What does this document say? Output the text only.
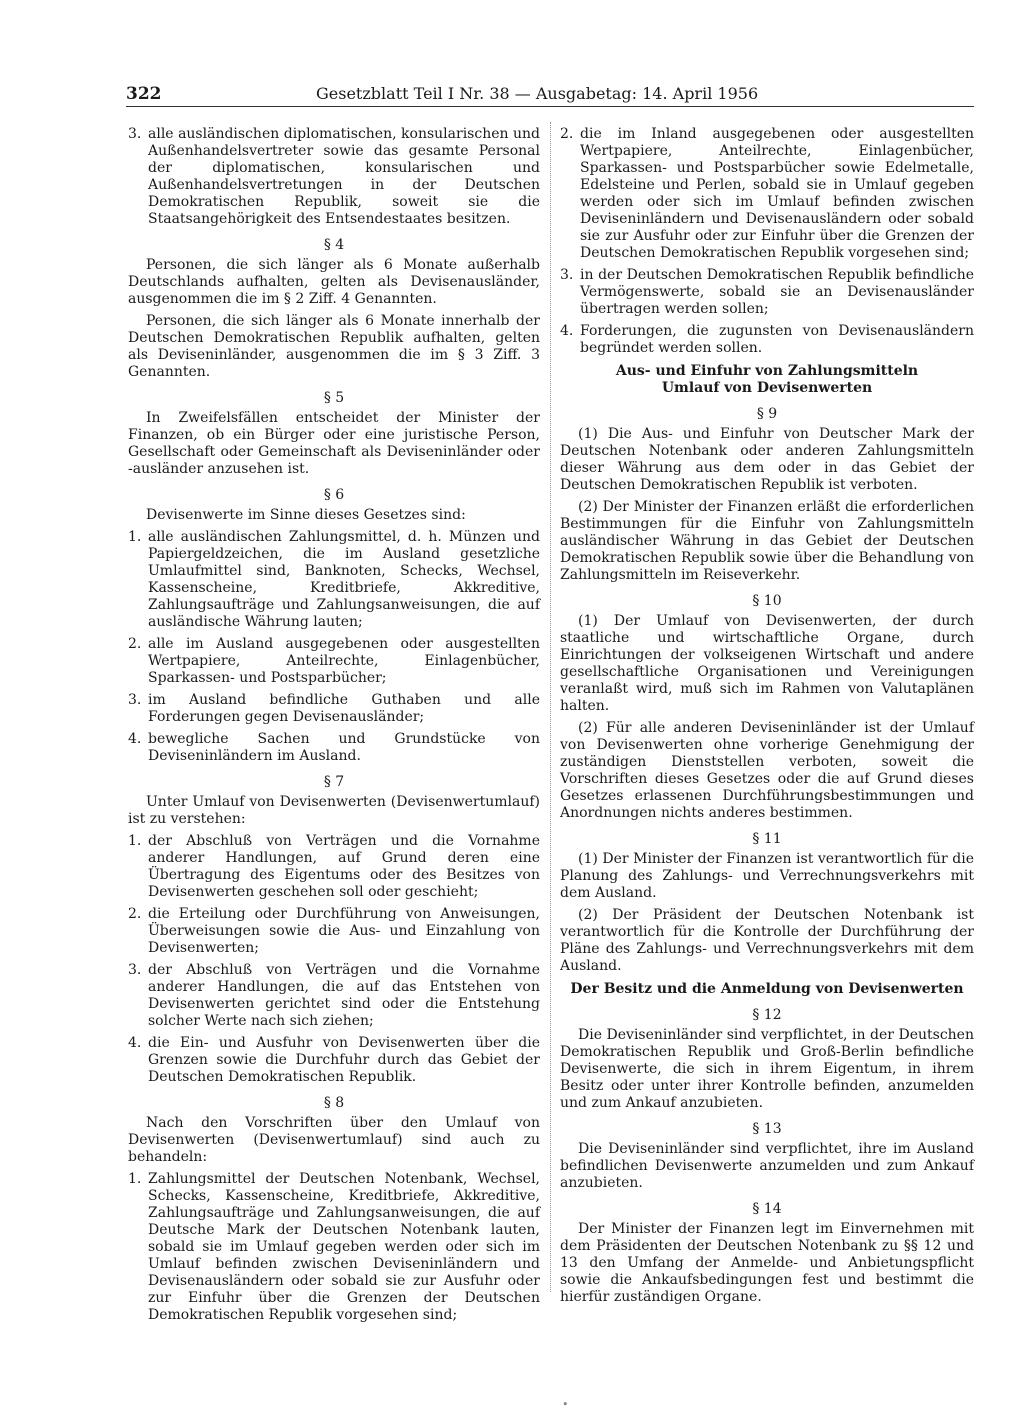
322	Gesetzblatt Teil I Nr. 38 — Ausgabetag: 14. April 1956
3. alle ausländischen diplomatischen, konsularischen und Außenhandelsvertreter sowie das gesamte Personal der diplomatischen, konsularischen und Außenhandelsvertretungen in der Deutschen Demokratischen Republik, soweit sie die Staatsangehörigkeit des Entsendestaates besitzen.
§ 4

Personen, die sich länger als 6 Monate außerhalb Deutschlands aufhalten, gelten als Devisenausländer, ausgenommen die im § 2 Ziff. 4 Genannten.

Personen, die sich länger als 6 Monate innerhalb der Deutschen Demokratischen Republik aufhalten, gelten als Deviseninländer, ausgenommen die im § 3 Ziff. 3 Genannten.

§ 5

In Zweifelsfällen entscheidet der Minister der Finanzen, ob ein Bürger oder eine juristische Person, Gesellschaft oder Gemeinschaft als Deviseninländer oder -ausländer anzusehen ist.

§ 6

Devisenwerte im Sinne dieses Gesetzes sind:

1. alle ausländischen Zahlungsmittel, d. h. Münzen und Papiergeldzeichen, die im Ausland gesetzliche Umlaufmittel sind, Banknoten, Schecks, Wechsel, Kassenscheine, Kreditbriefe, Akkreditive, Zahlungsaufträge und Zahlungsanweisungen, die auf ausländische Währung lauten;
2. alle im Ausland ausgegebenen oder ausgestellten Wertpapiere, Anteilrechte, Einlagenbücher, Sparkassen- und Postsparbücher;
3. im Ausland befindliche Guthaben und alle Forderungen gegen Devisenausländer;
4. bewegliche Sachen und Grundstücke von Deviseninländern im Ausland.
§ 7

Unter Umlauf von Devisenwerten (Devisenwertumlauf) ist zu verstehen:

1. der Abschluß von Verträgen und die Vornahme anderer Handlungen, auf Grund deren eine Übertragung des Eigentums oder des Besitzes von Devisenwerten geschehen soll oder geschieht;
2. die Erteilung oder Durchführung von Anweisungen, Überweisungen sowie die Aus- und Einzahlung von Devisenwerten;
3. der Abschluß von Verträgen und die Vornahme anderer Handlungen, die auf das Entstehen von Devisenwerten gerichtet sind oder die Entstehung solcher Werte nach sich ziehen;
4. die Ein- und Ausfuhr von Devisenwerten über die Grenzen sowie die Durchfuhr durch das Gebiet der Deutschen Demokratischen Republik.
§ 8

Nach den Vorschriften über den Umlauf von Devisenwerten (Devisenwertumlauf) sind auch zu behandeln:

1. Zahlungsmittel der Deutschen Notenbank, Wechsel, Schecks, Kassenscheine, Kreditbriefe, Akkreditive, Zahlungsaufträge und Zahlungsanweisungen, die auf Deutsche Mark der Deutschen Notenbank lauten, sobald sie im Umlauf gegeben werden oder sich im Umlauf befinden zwischen Deviseninländern und Devisenausländern oder sobald sie zur Ausfuhr oder zur Einfuhr über die Grenzen der Deutschen Demokratischen Republik vorgesehen sind;
2. die im Inland ausgegebenen oder ausgestellten Wertpapiere, Anteilrechte, Einlagenbücher, Sparkassen- und Postsparbücher sowie Edelmetalle, Edelsteine und Perlen, sobald sie in Umlauf gegeben werden oder sich im Umlauf befinden zwischen Deviseninländern und Devisenausländern oder sobald sie zur Ausfuhr oder zur Einfuhr über die Grenzen der Deutschen Demokratischen Republik vorgesehen sind;
3. in der Deutschen Demokratischen Republik befindliche Vermögenswerte, sobald sie an Devisenausländer übertragen werden sollen;
4. Forderungen, die zugunsten von Devisenausländern begründet werden sollen.
Aus- und Einfuhr von Zahlungsmitteln
Umlauf von Devisenwerten
§ 9

(1) Die Aus- und Einfuhr von Deutscher Mark der Deutschen Notenbank oder anderen Zahlungsmitteln dieser Währung aus dem oder in das Gebiet der Deutschen Demokratischen Republik ist verboten.

(2) Der Minister der Finanzen erläßt die erforderlichen Bestimmungen für die Einfuhr von Zahlungsmitteln ausländischer Währung in das Gebiet der Deutschen Demokratischen Republik sowie über die Behandlung von Zahlungsmitteln im Reiseverkehr.

§ 10

(1) Der Umlauf von Devisenwerten, der durch staatliche und wirtschaftliche Organe, durch Einrichtungen der volkseigenen Wirtschaft und andere gesellschaftliche Organisationen und Vereinigungen veranlaßt wird, muß sich im Rahmen von Valutaplänen halten.

(2) Für alle anderen Deviseninländer ist der Umlauf von Devisenwerten ohne vorherige Genehmigung der zuständigen Dienststellen verboten, soweit die Vorschriften dieses Gesetzes oder die auf Grund dieses Gesetzes erlassenen Durchführungsbestimmungen und Anordnungen nichts anderes bestimmen.

§ 11

(1) Der Minister der Finanzen ist verantwortlich für die Planung des Zahlungs- und Verrechnungsverkehrs mit dem Ausland.

(2) Der Präsident der Deutschen Notenbank ist verantwortlich für die Kontrolle der Durchführung der Pläne des Zahlungs- und Verrechnungsverkehrs mit dem Ausland.

Der Besitz und die Anmeldung von Devisenwerten
§ 12

Die Deviseninländer sind verpflichtet, in der Deutschen Demokratischen Republik und Groß-Berlin befindliche Devisenwerte, die sich in ihrem Eigentum, in ihrem Besitz oder unter ihrer Kontrolle befinden, anzumelden und zum Ankauf anzubieten.

§ 13

Die Deviseninländer sind verpflichtet, ihre im Ausland befindlichen Devisenwerte anzumelden und zum Ankauf anzubieten.

§ 14

Der Minister der Finanzen legt im Einvernehmen mit dem Präsidenten der Deutschen Notenbank zu §§ 12 und 13 den Umfang der Anmelde- und Anbietungspflicht sowie die Ankaufsbedingungen fest und bestimmt die hierfür zuständigen Organe.

•
